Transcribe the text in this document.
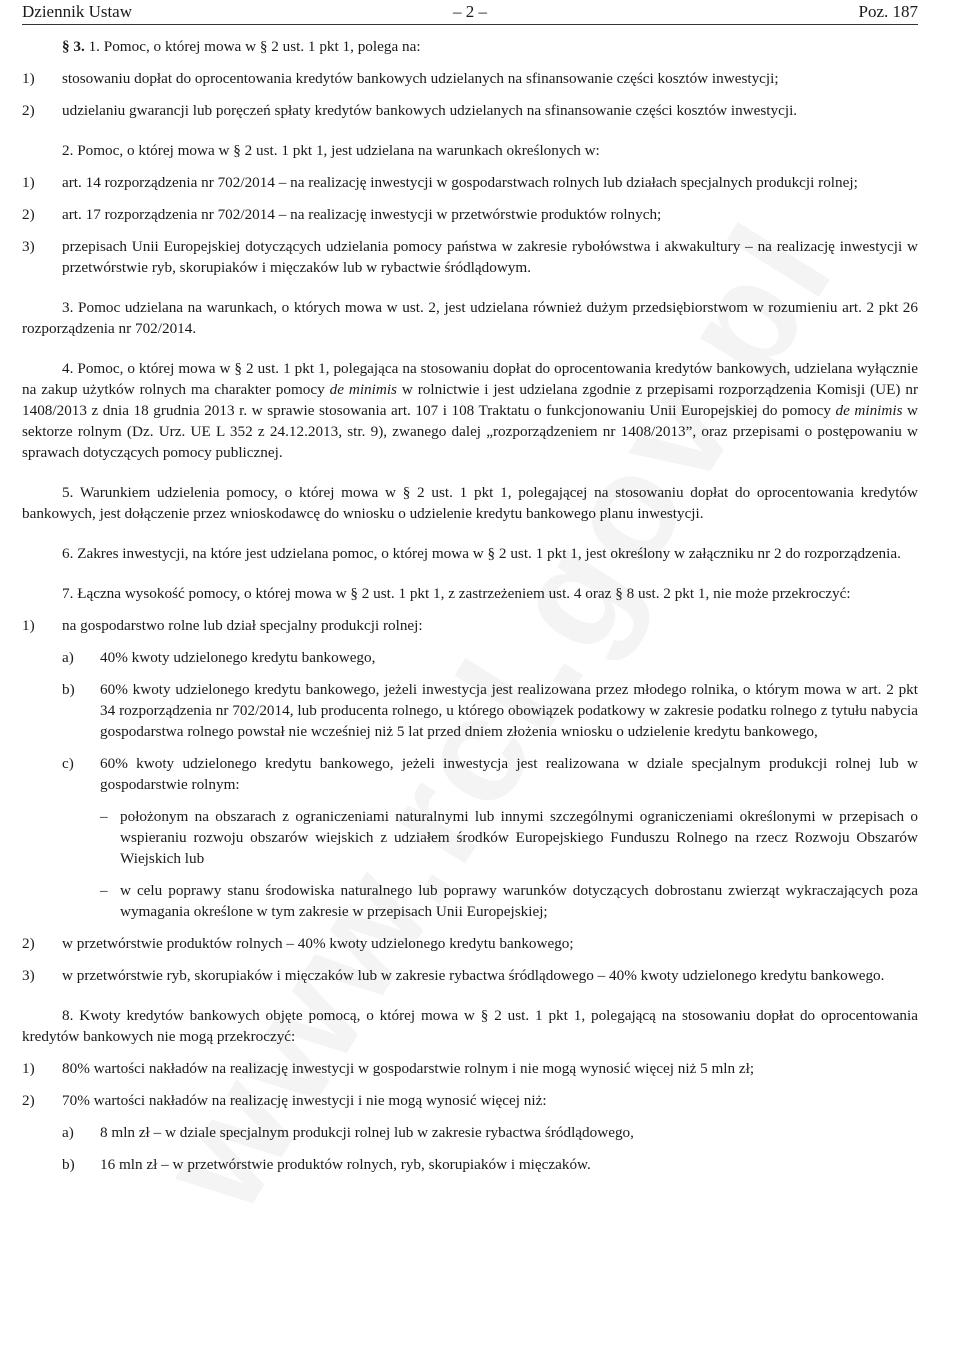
Dziennik Ustaw	– 2 –	Poz. 187

§ 3. 1. Pomoc, o której mowa w § 2 ust. 1 pkt 1, polega na:

1) stosowaniu dopłat do oprocentowania kredytów bankowych udzielanych na sfinansowanie części kosztów inwestycji;
2) udzielaniu gwarancji lub poręczeń spłaty kredytów bankowych udzielanych na sfinansowanie części kosztów inwestycji.

2. Pomoc, o której mowa w § 2 ust. 1 pkt 1, jest udzielana na warunkach określonych w:

1) art. 14 rozporządzenia nr 702/2014 – na realizację inwestycji w gospodarstwach rolnych lub działach specjalnych produkcji rolnej;
2) art. 17 rozporządzenia nr 702/2014 – na realizację inwestycji w przetwórstwie produktów rolnych;
3) przepisach Unii Europejskiej dotyczących udzielania pomocy państwa w zakresie rybołówstwa i akwakultury – na realizację inwestycji w przetwórstwie ryb, skorupiaków i mięczaków lub w rybactwie śródlądowym.

3. Pomoc udzielana na warunkach, o których mowa w ust. 2, jest udzielana również dużym przedsiębiorstwom w rozumieniu art. 2 pkt 26 rozporządzenia nr 702/2014.

4. Pomoc, o której mowa w § 2 ust. 1 pkt 1, polegająca na stosowaniu dopłat do oprocentowania kredytów bankowych, udzielana wyłącznie na zakup użytków rolnych ma charakter pomocy de minimis w rolnictwie i jest udzielana zgodnie z przepisami rozporządzenia Komisji (UE) nr 1408/2013 z dnia 18 grudnia 2013 r. w sprawie stosowania art. 107 i 108 Traktatu o funkcjonowaniu Unii Europejskiej do pomocy de minimis w sektorze rolnym (Dz. Urz. UE L 352 z 24.12.2013, str. 9), zwanego dalej „rozporządzeniem nr 1408/2013”, oraz przepisami o postępowaniu w sprawach dotyczących pomocy publicznej.

5. Warunkiem udzielenia pomocy, o której mowa w § 2 ust. 1 pkt 1, polegającej na stosowaniu dopłat do oprocentowania kredytów bankowych, jest dołączenie przez wnioskodawcę do wniosku o udzielenie kredytu bankowego planu inwestycji.

6. Zakres inwestycji, na które jest udzielana pomoc, o której mowa w § 2 ust. 1 pkt 1, jest określony w załączniku nr 2 do rozporządzenia.

7. Łączna wysokość pomocy, o której mowa w § 2 ust. 1 pkt 1, z zastrzeżeniem ust. 4 oraz § 8 ust. 2 pkt 1, nie może przekroczyć:

1) na gospodarstwo rolne lub dział specjalny produkcji rolnej:
a) 40% kwoty udzielonego kredytu bankowego,
b) 60% kwoty udzielonego kredytu bankowego, jeżeli inwestycja jest realizowana przez młodego rolnika, o którym mowa w art. 2 pkt 34 rozporządzenia nr 702/2014, lub producenta rolnego, u którego obowiązek podatkowy w zakresie podatku rolnego z tytułu nabycia gospodarstwa rolnego powstał nie wcześniej niż 5 lat przed dniem złożenia wniosku o udzielenie kredytu bankowego,
c) 60% kwoty udzielonego kredytu bankowego, jeżeli inwestycja jest realizowana w dziale specjalnym produkcji rolnej lub w gospodarstwie rolnym:
– położonym na obszarach z ograniczeniami naturalnymi lub innymi szczególnymi ograniczeniami określonymi w przepisach o wspieraniu rozwoju obszarów wiejskich z udziałem środków Europejskiego Funduszu Rolnego na rzecz Rozwoju Obszarów Wiejskich lub
– w celu poprawy stanu środowiska naturalnego lub poprawy warunków dotyczących dobrostanu zwierząt wykraczających poza wymagania określone w tym zakresie w przepisach Unii Europejskiej;
2) w przetwórstwie produktów rolnych – 40% kwoty udzielonego kredytu bankowego;
3) w przetwórstwie ryb, skorupiaków i mięczaków lub w zakresie rybactwa śródlądowego – 40% kwoty udzielonego kredytu bankowego.

8. Kwoty kredytów bankowych objęte pomocą, o której mowa w § 2 ust. 1 pkt 1, polegającą na stosowaniu dopłat do oprocentowania kredytów bankowych nie mogą przekroczyć:

1) 80% wartości nakładów na realizację inwestycji w gospodarstwie rolnym i nie mogą wynosić więcej niż 5 mln zł;
2) 70% wartości nakładów na realizację inwestycji i nie mogą wynosić więcej niż:
a) 8 mln zł – w dziale specjalnym produkcji rolnej lub w zakresie rybactwa śródlądowego,
b) 16 mln zł – w przetwórstwie produktów rolnych, ryb, skorupiaków i mięczaków.
